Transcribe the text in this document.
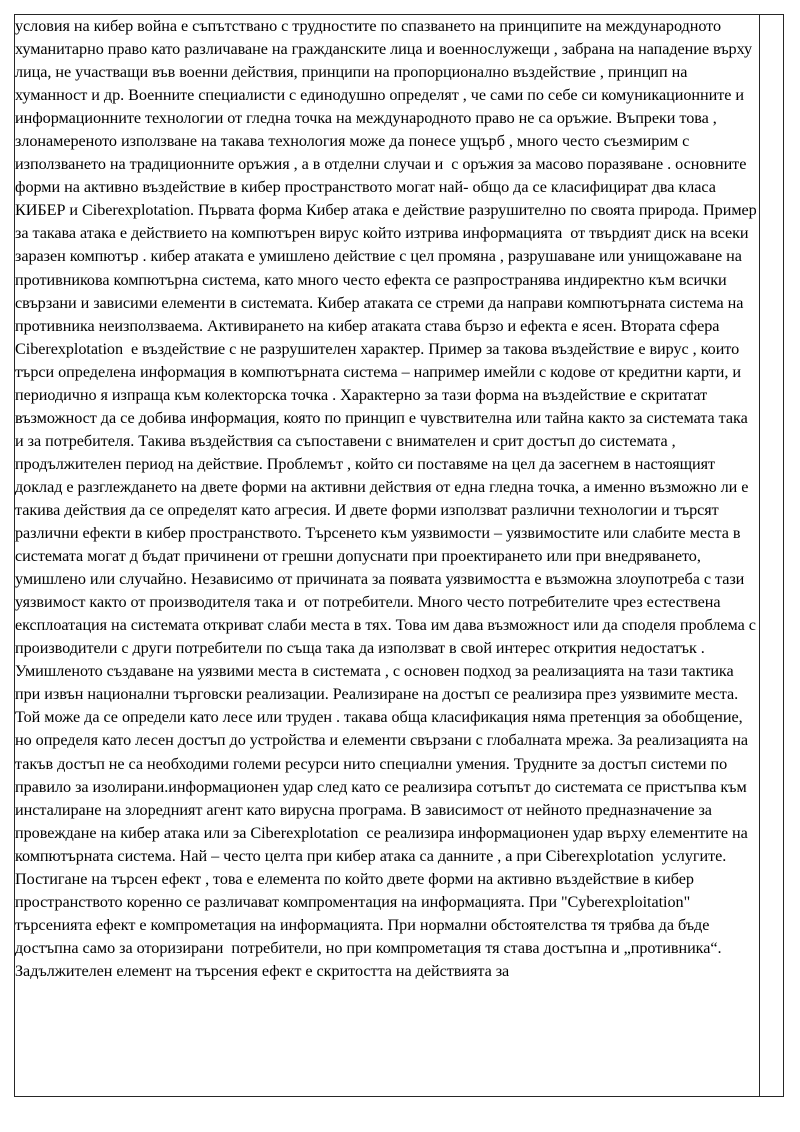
условия на кибер война е съпътствано с трудностите по спазването на принципите на международното  хуманитарно право като различаване на гражданските лица и военнослужещи , забрана на нападение върху лица, не участващи във военни действия, принципи на пропорционално въздействие , принцип на хуманност и др. Военните специалисти с единодушно определят , че сами по себе си комуникационните и информационните технологии от гледна точка на международното право не са оръжие. Въпреки това , злонамереното използване на такава технология може да понесе ущърб , много често съезмирим с използването на традиционните оръжия , а в отделни случаи и  с оръжия за масово поразяване . основните форми на активно въздействие в кибер пространството могат най- общо да се класифицират два класа КИБЕР и Ciberexplotation. Първата форма Кибер атака е действие разрушително по своята природа. Пример за такава атака е действието на компютърен вирус който изтрива информацията  от твърдият диск на всеки заразен компютър . кибер атаката е умишлено действие с цел промяна , разрушаване или унищожаване на противникова компютърна система, като много често ефекта се разпространява индиректно към всички свързани и зависими елементи в системата. Кибер атаката се стреми да направи компютърната система на противника неизползваема. Активирането на кибер атаката става бързо и ефекта е ясен. Втората сфера Ciberexplotation  е въздействие с не разрушителен характер. Пример за такова въздействие е вирус , които търси определена информация в компютърната система – например имейли с кодове от кредитни карти, и периодично я изпраща към колекторска точка . Характерно за тази форма на въздействие е скритатат възможност да се добива информация, която по принцип е чувствителна или тайна както за системата така и за потребителя. Такива въздействия са съпоставени с внимателен и срит достъп до системата , продължителен период на действие. Проблемът , който си поставяме на цел да засегнем в настоящият доклад е разглеждането на двете форми на активни действия от една гледна точка, а именно възможно ли е такива действия да се определят като агресия. И двете форми използват различни технологии и търсят различни ефекти в кибер пространството. Търсенето към уязвимости – уязвимостите или слабите места в системата могат д бъдат причинени от грешни допуснати при проектирането или при внедряването, умишлено или случайно. Независимо от причината за появата уязвимостта е възможна злоупотреба с тази уязвимост както от производителя така и  от потребители. Много често потребителите чрез естествена експлоатация на системата откриват слаби места в тях. Това им дава възможност или да споделя проблема с производители с други потребители по съща така да използват в свой интерес открития недостатък . Умишленото създаване на уязвими места в системата , с основен подход за реализацията на тази тактика при извън национални търговски реализации. Реализиране на достъп се реализира през уязвимите места. Той може да се определи като лесе или труден . такава обща класификация няма претенция за обобщение, но определя като лесен достъп до устройства и елементи свързани с глобалната мрежа. За реализацията на такъв достъп не са необходими големи ресурси нито специални умения. Трудните за достъп системи по правило за изолирани.информационен удар след като се реализира сотъпът до системата се пристъпва към инсталиране на злоредният агент като вирусна програма. В зависимост от нейното предназначение за провеждане на кибер атака или за Ciberexplotation  се реализира информационен удар върху елементите на компютърната система. Най – често целта при кибер атака са данните , а при Ciberexplotation  услугите. Постигане на търсен ефект , това е елемента по който двете форми на активно въздействие в кибер пространството коренно се различават компроментация на информацията. При "Cyberexploitation" търсенията ефект е компрометация на информацията. При нормални обстоятелства тя трябва да бъде достъпна само за оторизирани  потребители, но при компрометация тя става достъпна и „противника“. Задължителен елемент на търсения ефект е скритостта на действията за
